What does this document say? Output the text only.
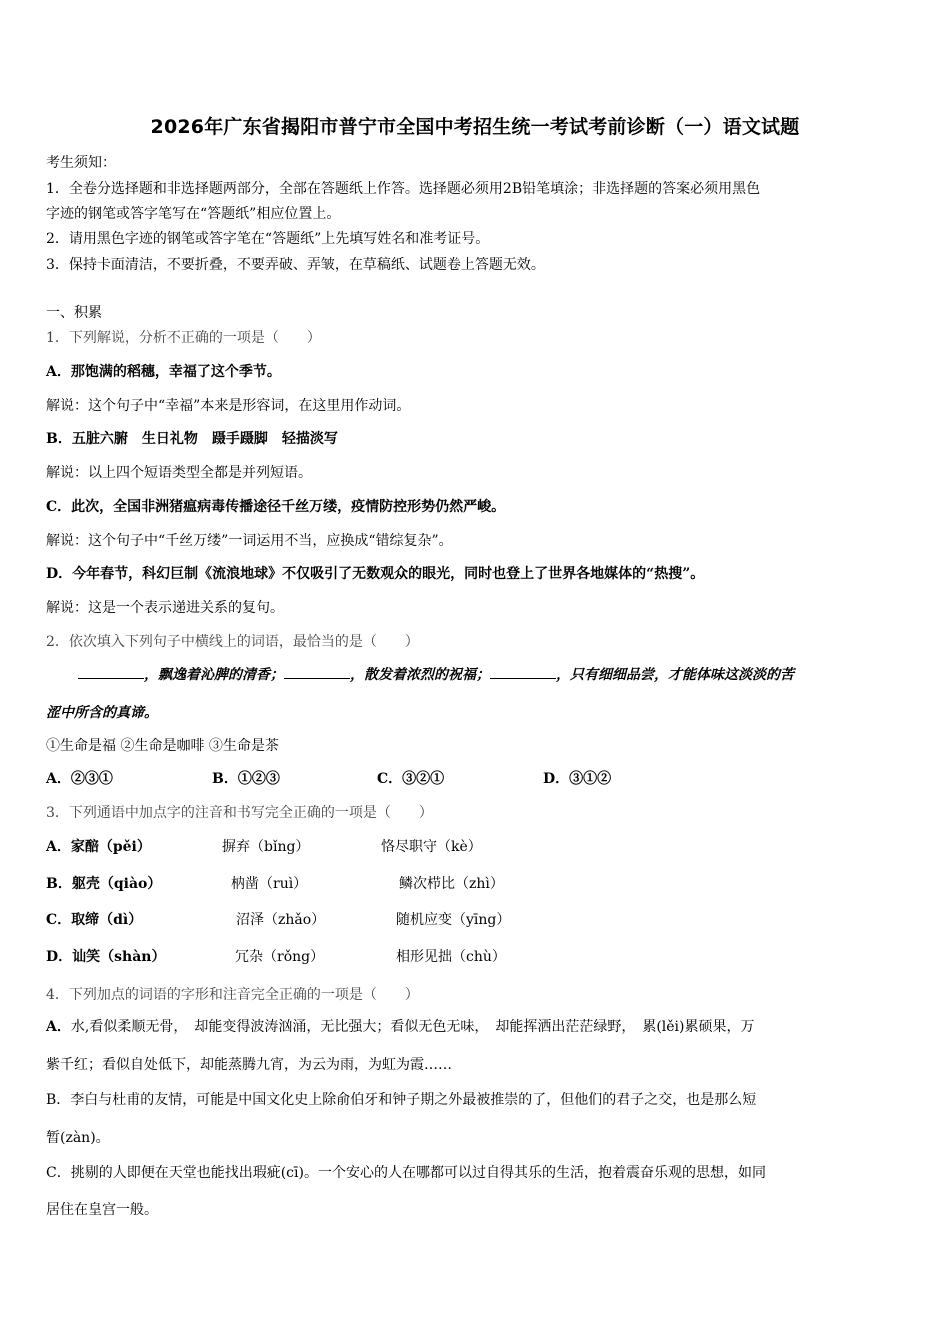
2026年广东省揭阳市普宁市全国中考招生统一考试考前诊断（一）语文试题
考生须知：
1．全卷分选择题和非选择题两部分，全部在答题纸上作答。选择题必须用2B铅笔填涂；非选择题的答案必须用黑色
字迹的钢笔或答字笔写在“答题纸”相应位置上。
2．请用黑色字迹的钢笔或答字笔在“答题纸”上先填写姓名和准考证号。
3．保持卡面清洁，不要折叠，不要弄破、弄皱，在草稿纸、试题卷上答题无效。
一、积累
1．下列解说，分析不正确的一项是（　　）
A．那饱满的稻穗，幸福了这个季节。
解说：这个句子中“幸福”本来是形容词，在这里用作动词。
B．五脏六腑　生日礼物　蹑手蹑脚　轻描淡写
解说：以上四个短语类型全都是并列短语。
C．此次，全国非洲猪瘟病毒传播途径千丝万缕，疫情防控形势仍然严峻。
解说：这个句子中“千丝万缕”一词运用不当，应换成“错综复杂”。
D．今年春节，科幻巨制《流浪地球》不仅吸引了无数观众的眼光，同时也登上了世界各地媒体的“热搜”。
解说：这是一个表示递进关系的复句。
2．依次填入下列句子中横线上的词语，最恰当的是（　　）
，飘逸着沁脾的清香；	，散发着浓烈的祝福；	，只有细细品尝，才能体味这淡淡的苦
涩中所含的真谛。
①生命是福 ②生命是咖啡 ③生命是茶
A．②③①	B．①②③	C．③②①	D．③①②
3．下列通语中加点字的注音和书写完全正确的一项是（　　）
A．家醅（pěi）	摒弃（bǐng）	恪尽职守（kè）
B．躯壳（qiào）	枘凿（ruì）	鳞次栉比（zhì）
C．取缔（dì）	沼泽（zhǎo）	随机应变（yīng）
D．讪笑（shàn）	冗杂（rǒng）	相形见拙（chù）
4．下列加点的词语的字形和注音完全正确的一项是（　　）
A．水,看似柔顺无骨，　却能变得波涛汹涌，无比强大；看似无色无味，　却能挥洒出茫茫绿野，　累(lěi)累硕果，万
紫千红；看似自处低下，却能蒸腾九宵，为云为雨，为虹为霞……
B．李白与杜甫的友情，可能是中国文化史上除俞伯牙和钟子期之外最被推崇的了，但他们的君子之交，也是那么短
暂(zàn)。
C．挑剔的人即便在天堂也能找出瑕疵(cī)。一个安心的人在哪都可以过自得其乐的生活，抱着震奋乐观的思想，如同
居住在皇宫一般。
